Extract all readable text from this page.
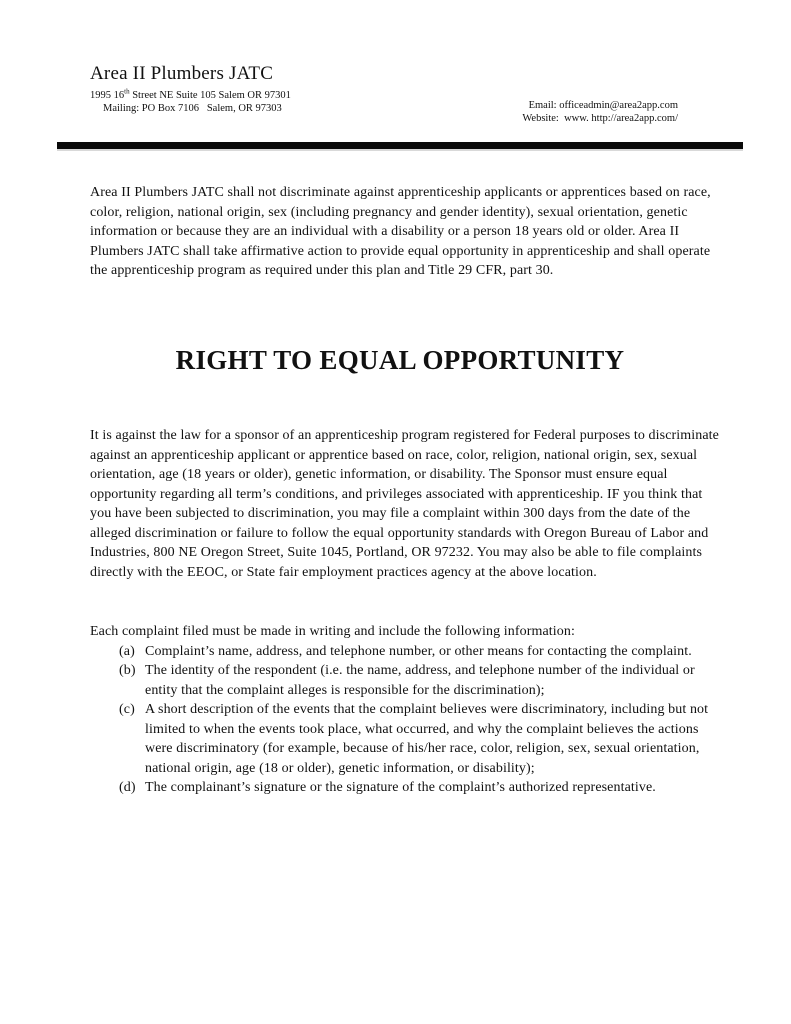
Area II Plumbers JATC
1995 16th Street NE Suite 105 Salem OR 97301
Mailing: PO Box 7106   Salem, OR 97303	Email: officeadmin@area2app.com
Website:  www. http://area2app.com/
Area II Plumbers JATC shall not discriminate against apprenticeship applicants or apprentices based on race, color, religion, national origin, sex (including pregnancy and gender identity), sexual orientation, genetic information or because they are an individual with a disability or a person 18 years old or older. Area II Plumbers JATC shall take affirmative action to provide equal opportunity in apprenticeship and shall operate the apprenticeship program as required under this plan and Title 29 CFR, part 30.
RIGHT TO EQUAL OPPORTUNITY
It is against the law for a sponsor of an apprenticeship program registered for Federal purposes to discriminate against an apprenticeship applicant or apprentice based on race, color, religion, national origin, sex, sexual orientation, age (18 years or older), genetic information, or disability. The Sponsor must ensure equal opportunity regarding all term’s conditions, and privileges associated with apprenticeship. IF you think that you have been subjected to discrimination, you may file a complaint within 300 days from the date of the alleged discrimination or failure to follow the equal opportunity standards with Oregon Bureau of Labor and Industries, 800 NE Oregon Street, Suite 1045, Portland, OR 97232. You may also be able to file complaints directly with the EEOC, or State fair employment practices agency at the above location.
Each complaint filed must be made in writing and include the following information:
(a) Complaint’s name, address, and telephone number, or other means for contacting the complaint.
(b) The identity of the respondent (i.e. the name, address, and telephone number of the individual or entity that the complaint alleges is responsible for the discrimination);
(c) A short description of the events that the complaint believes were discriminatory, including but not limited to when the events took place, what occurred, and why the complaint believes the actions were discriminatory (for example, because of his/her race, color, religion, sex, sexual orientation, national origin, age (18 or older), genetic information, or disability);
(d) The complainant’s signature or the signature of the complaint’s authorized representative.
